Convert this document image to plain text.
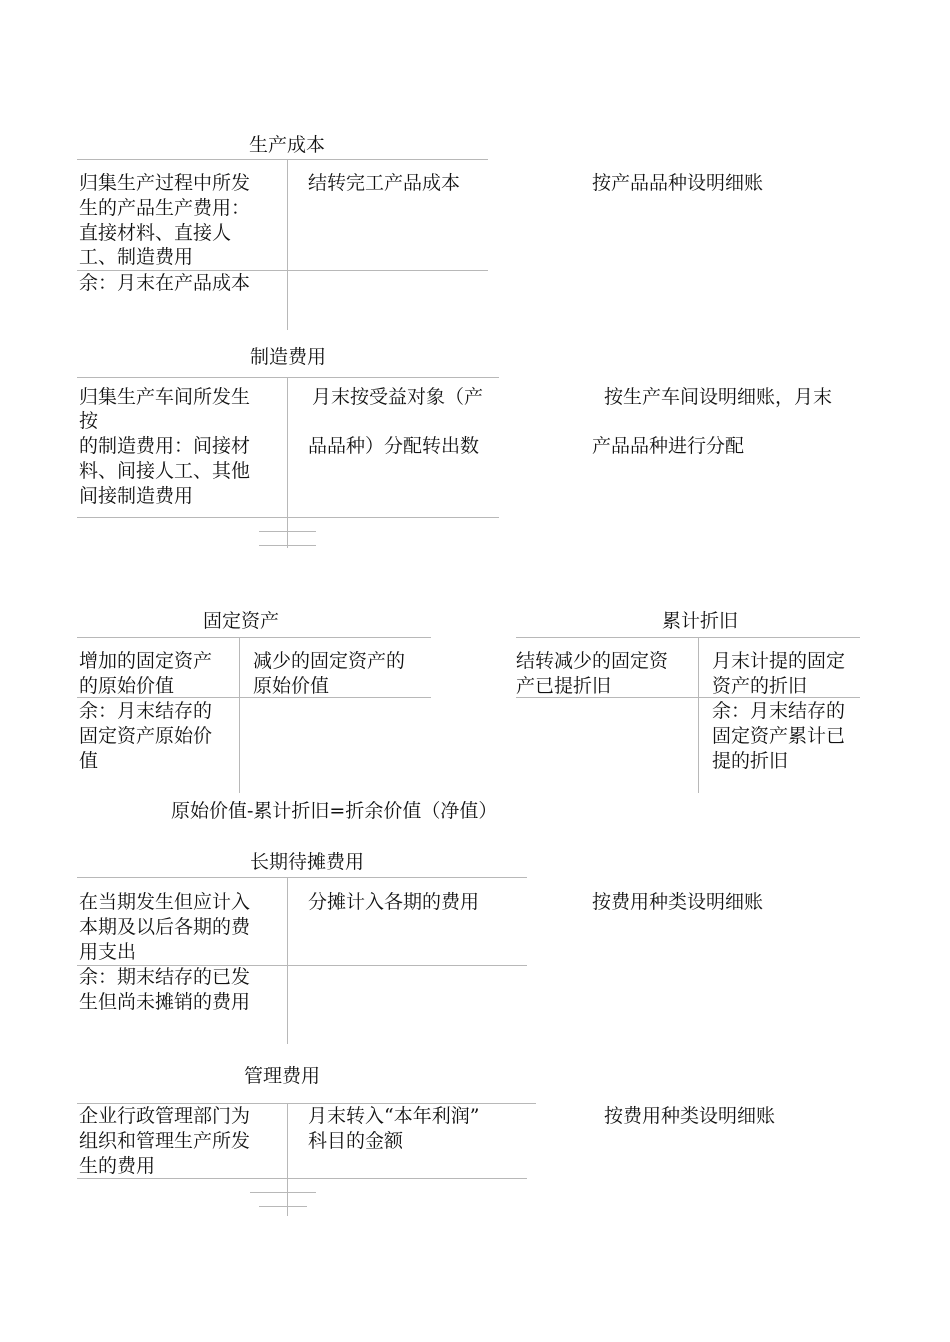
生产成本
归集生产过程中所发
生的产品生产费用：
直接材料、直接人
工、制造费用
结转完工产品成本
余：月末在产品成本
按产品品种设明细账
制造费用
归集生产车间所发生
按
的制造费用：间接材
料、间接人工、其他
间接制造费用
月末按受益对象（产
品品种）分配转出数
按生产车间设明细账，月末
产品品种进行分配
固定资产
增加的固定资产
的原始价值
减少的固定资产的
原始价值
余：月末结存的
固定资产原始价
值
累计折旧
结转减少的固定资
产已提折旧
月末计提的固定
资产的折旧
余：月末结存的
固定资产累计已
提的折旧
原始价值-累计折旧=折余价值（净值）
长期待摊费用
在当期发生但应计入
本期及以后各期的费
用支出
分摊计入各期的费用
余：期末结存的已发
生但尚未摊销的费用
按费用种类设明细账
管理费用
企业行政管理部门为
组织和管理生产所发
生的费用
月末转入“本年利润”
科目的金额
按费用种类设明细账
